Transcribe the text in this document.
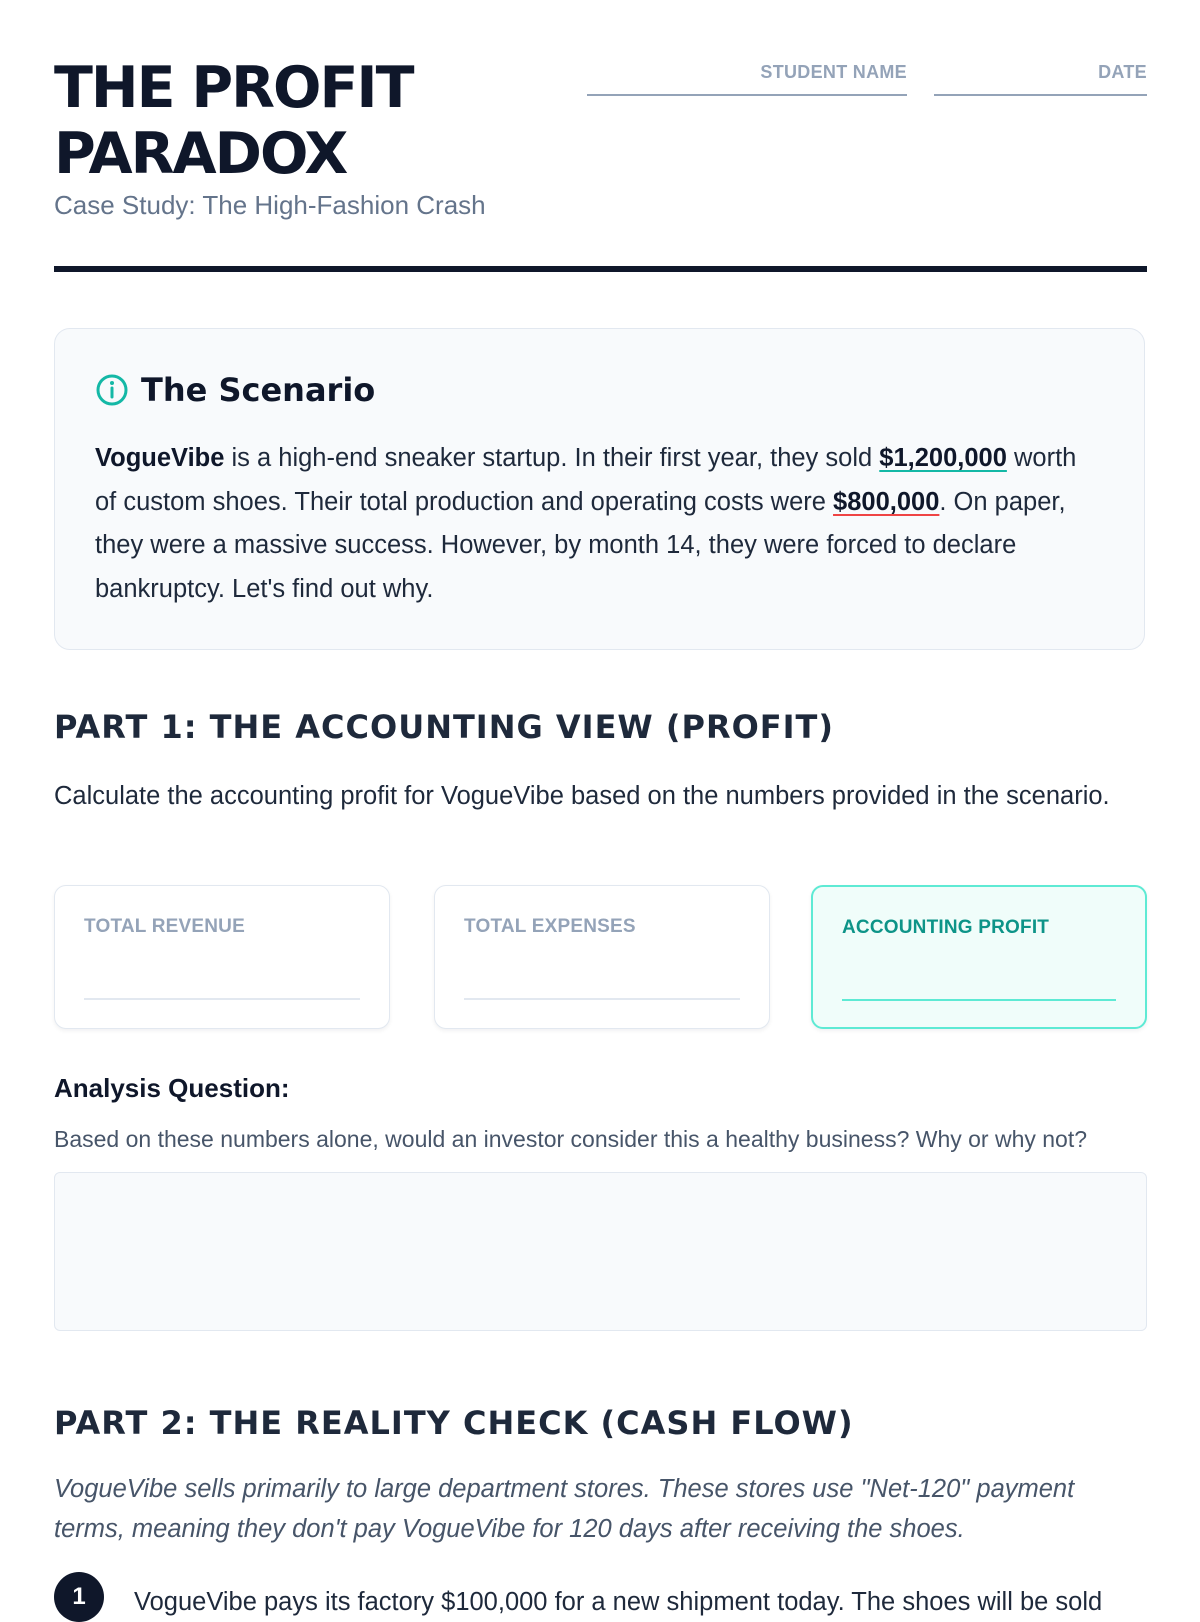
THE PROFIT PARADOX

Case Study: The High-Fashion Crash

STUDENT NAME	DATE
The Scenario

VogueVibe is a high-end sneaker startup. In their first year, they sold $1,200,000 worth of custom shoes. Their total production and operating costs were $800,000. On paper, they were a massive success. However, by month 14, they were forced to declare bankruptcy. Let's find out why.

PART 1: THE ACCOUNTING VIEW (PROFIT)

Calculate the accounting profit for VogueVibe based on the numbers provided in the scenario.

TOTAL REVENUE	TOTAL EXPENSES	ACCOUNTING PROFIT

Analysis Question:

Based on these numbers alone, would an investor consider this a healthy business? Why or why not?

PART 2: THE REALITY CHECK (CASH FLOW)

VogueVibe sells primarily to large department stores. These stores use "Net-120" payment terms, meaning they don't pay VogueVibe for 120 days after receiving the shoes.

1	VogueVibe pays its factory $100,000 for a new shipment today. The shoes will be sold
